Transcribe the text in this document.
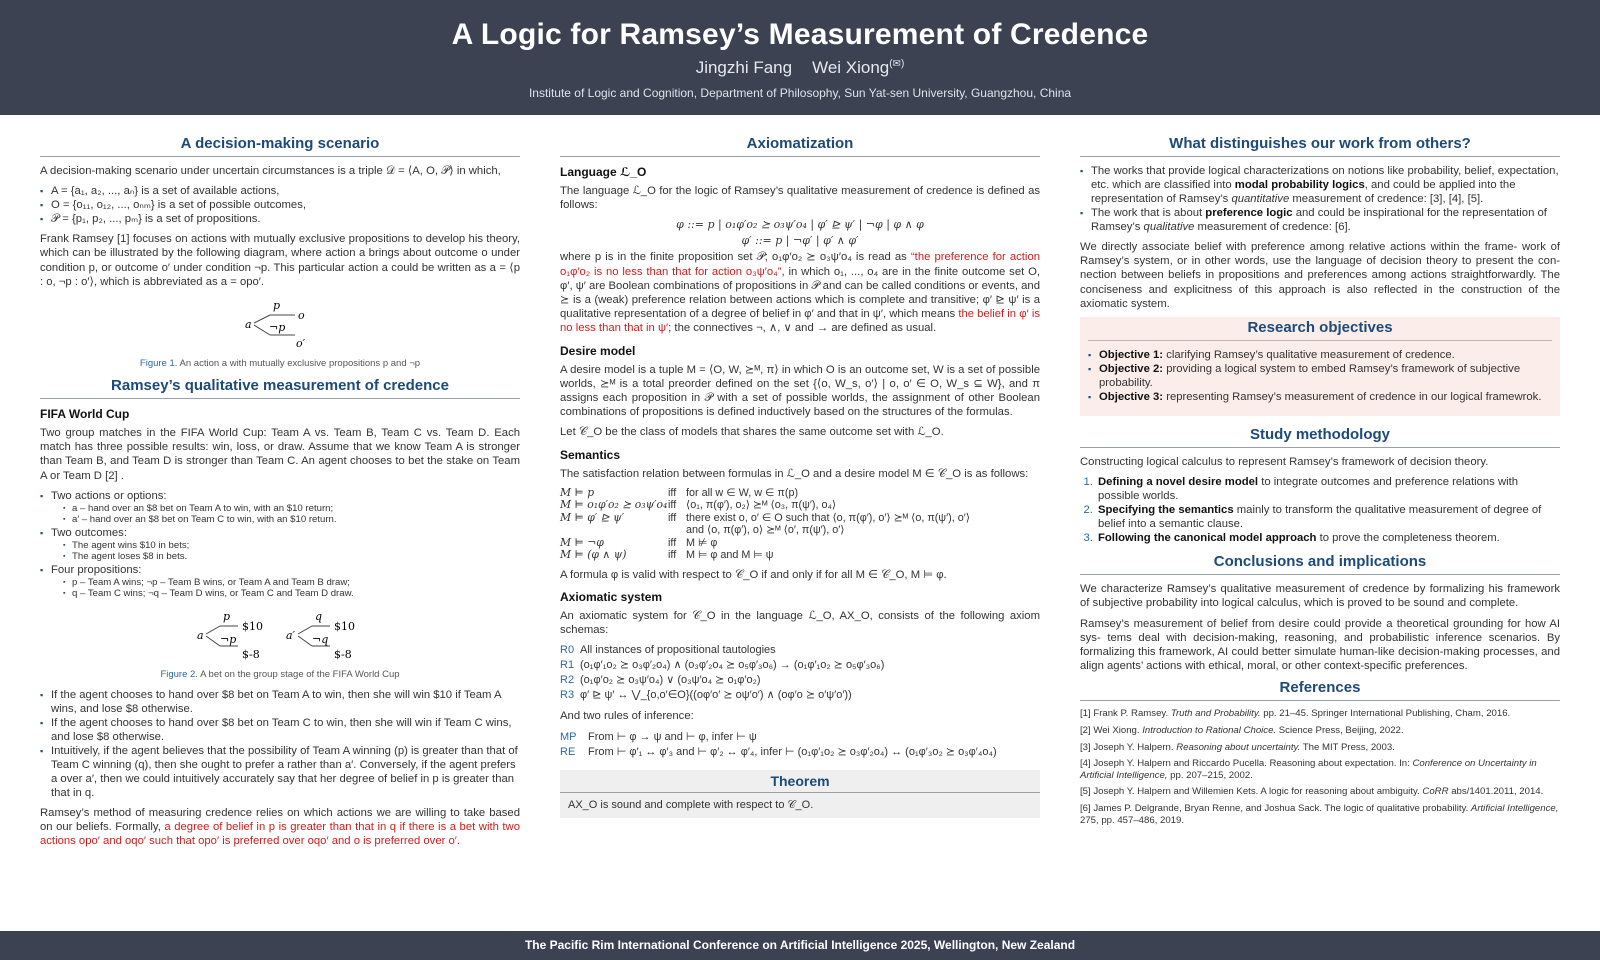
A Logic for Ramsey’s Measurement of Credence
Jingzhi Fang Wei Xiong(✉)
Institute of Logic and Cognition, Department of Philosophy, Sun Yat-sen University, Guangzhou, China
A decision-making scenario

A decision-making scenario under uncertain circumstances is a triple 𝒟 = ⟨A, O, 𝒫⟩ in which,

▪ A = {a₁, a₂, ..., aₙ} is a set of available actions,
▪ O = {o₁₁, o₁₂, ..., oₙₘ} is a set of possible outcomes,
▪ 𝒫 = {p₁, p₂, ..., pₘ} is a set of propositions.

Frank Ramsey [1] focuses on actions with mutually exclusive propositions to develop his theory, which can be illustrated by the following diagram, where action a brings about outcome o under condition p, or outcome o′ under condition ¬p. This particular action a could be written as a = ⟨p : o, ¬p : o′⟩, which is abbreviated as a = opo′.

a
p
¬p
o
o′
Figure 1. An action a with mutually exclusive propositions p and ¬p
Ramsey’s qualitative measurement of credence
FIFA World Cup

Two group matches in the FIFA World Cup: Team A vs. Team B, Team C vs. Team D. Each match has three possible results: win, loss, or draw. Assume that we know Team A is stronger than Team B, and Team D is stronger than Team C. An agent chooses to bet the stake on Team A or Team D [2] .

▪ Two actions or options:
▪ a – hand over an $8 bet on Team A to win, with an $10 return;
▪ a′ – hand over an $8 bet on Team C to win, with an $10 return.
▪ Two outcomes:
▪ The agent wins $10 in bets;
▪ The agent loses $8 in bets.
▪ Four propositions:
▪ p – Team A wins; ¬p – Team B wins, or Team A and Team B draw;
▪ q – Team C wins; ¬q – Team D wins, or Team C and Team D draw.
a
p
¬p
$10
$-8
a′
q
¬q
$10
$-8
Figure 2. A bet on the group stage of the FIFA World Cup
▪ If the agent chooses to hand over $8 bet on Team A to win, then she will win $10 if Team A wins, and lose $8 otherwise.
▪ If the agent chooses to hand over $8 bet on Team C to win, then she will win if Team C wins, and lose $8 otherwise.
▪ Intuitively, if the agent believes that the possibility of Team A winning (p) is greater than that of Team C winning (q), then she ought to prefer a rather than a′. Conversely, if the agent prefers a over a′, then we could intuitively accurately say that her degree of belief in p is greater than that in q.

Ramsey’s method of measuring credence relies on which actions we are willing to take based on our beliefs. Formally, a degree of belief in p is greater than that in q if there is a bet with two actions opo′ and oqo′ such that opo′ is preferred over oqo′ and o is preferred over o′.

Axiomatization
Language ℒ_O

The language ℒ_O for the logic of Ramsey’s qualitative measurement of credence is defined as follows:

φ ::= p | o₁φ′o₂ ⪰ o₃ψ′o₄ | φ′ ⊵ ψ′ | ¬φ | φ ∧ φ
φ′ ::= p | ¬φ′ | φ′ ∧ φ′

where p is in the finite proposition set 𝒫; o₁φ′o₂ ⪰ o₃ψ′o₄ is read as “the preference for action o₁φ′o₂ is no less than that for action o₃ψ′o₄”, in which o₁, ..., o₄ are in the finite outcome set O, φ′, ψ′ are Boolean combinations of propositions in 𝒫 and can be called conditions or events, and ⪰ is a (weak) preference relation between actions which is complete and transitive; φ′ ⊵ ψ′ is a qualitative representation of a degree of belief in φ′ and that in ψ′, which means the belief in φ′ is no less than that in ψ′; the connectives ¬, ∧, ∨ and → are defined as usual.

Desire model

A desire model is a tuple M = ⟨O, W, ⪰ᴹ, π⟩ in which O is an outcome set, W is a set of possible worlds, ⪰ᴹ is a total preorder defined on the set {⟨o, W_s, o′⟩ | o, o′ ∈ O, W_s ⊆ W}, and π assigns each proposition in 𝒫 with a set of possible worlds, the assignment of other Boolean combinations of propositions is defined inductively based on the structures of the formulas.

Let 𝒞_O be the class of models that shares the same outcome set with ℒ_O.

Semantics

The satisfaction relation between formulas in ℒ_O and a desire model M ∈ 𝒞_O is as follows:

M ⊨ p	iff for all w ∈ W, w ∈ π(p)
M ⊨ o₁φ′o₂ ⪰ o₃ψ′o₄ iff ⟨o₁, π(φ′), o₂⟩ ⪰ᴹ ⟨o₃, π(ψ′), o₄⟩
M ⊨ φ′ ⊵ ψ′	iff there exist o, o′ ∈ O such that ⟨o, π(φ′), o′⟩ ⪰ᴹ ⟨o, π(ψ′), o′⟩
and ⟨o, π(φ′), o⟩ ⪰ᴹ ⟨o′, π(ψ′), o′⟩
M ⊨ ¬φ	iff M ⊭ φ
M ⊨ (φ ∧ ψ)	iff M ⊨ φ and M ⊨ ψ

A formula φ is valid with respect to 𝒞_O if and only if for all M ∈ 𝒞_O, M ⊨ φ.

Axiomatic system

An axiomatic system for 𝒞_O in the language ℒ_O, AX_O, consists of the following axiom schemas:

R0 All instances of propositional tautologies
R1 (o₁φ′₁o₂ ⪰ o₃φ′₂o₄) ∧ (o₃φ′₂o₄ ⪰ o₅φ′₃o₆) → (o₁φ′₁o₂ ⪰ o₅φ′₃o₆)
R2 (o₁φ′o₂ ⪰ o₃ψ′o₄) ∨ (o₃ψ′o₄ ⪰ o₁φ′o₂)
R3 φ′ ⊵ ψ′ ↔ ⋁_{o,o′∈O}((oφ′o′ ⪰ oψ′o′) ∧ (oφ′o ⪰ o′ψ′o′))

And two rules of inference:

MP	From ⊢ φ → ψ and ⊢ φ, infer ⊢ ψ
RE	From ⊢ φ′₁ ↔ φ′₃ and ⊢ φ′₂ ↔ φ′₄, infer ⊢ (o₁φ′₁o₂ ⪰ o₃φ′₂o₄) ↔ (o₁φ′₃o₂ ⪰ o₃φ′₄o₄)
Theorem
AX_O is sound and complete with respect to 𝒞_O.
What distinguishes our work from others?
▪ The works that provide logical characterizations on notions like probability, belief, expectation, etc. which are classified into modal probability logics, and could be applied into the representation of Ramsey’s quantitative measurement of credence: [3], [4], [5].
▪ The work that is about preference logic and could be inspirational for the representation of Ramsey’s qualitative measurement of credence: [6].

We directly associate belief with preference among relative actions within the frame- work of Ramsey’s system, or in other words, use the language of decision theory to present the con- nection between beliefs in propositions and preferences among actions straightforwardly. The conciseness and explicitness of this approach is also reflected in the construction of the axiomatic system.

Research objectives
▪ Objective 1: clarifying Ramsey’s qualitative measurement of credence.
▪ Objective 2: providing a logical system to embed Ramsey’s framework of subjective probability.
▪ Objective 3: representing Ramsey’s measurement of credence in our logical framewrok.
Study methodology

Constructing logical calculus to represent Ramsey’s framework of decision theory.

1. Defining a novel desire model to integrate outcomes and preference relations with possible worlds.
2. Specifying the semantics mainly to transform the qualitative measurement of degree of belief into a semantic clause.
3. Following the canonical model approach to prove the completeness theorem.
Conclusions and implications

We characterize Ramsey’s qualitative measurement of credence by formalizing his framework of subjective probability into logical calculus, which is proved to be sound and complete.

Ramsey’s measurement of belief from desire could provide a theoretical grounding for how AI sys- tems deal with decision-making, reasoning, and probabilistic inference scenarios. By formalizing this framework, AI could better simulate human-like decision-making processes, and align agents’ actions with ethical, moral, or other context-specific preferences.

References
[1] Frank P. Ramsey. Truth and Probability. pp. 21–45. Springer International Publishing, Cham, 2016.
[2] Wei Xiong. Introduction to Rational Choice. Science Press, Beijing, 2022.
[3] Joseph Y. Halpern. Reasoning about uncertainty. The MIT Press, 2003.
[4] Joseph Y. Halpern and Riccardo Pucella. Reasoning about expectation. In: Conference on Uncertainty in Artificial Intelligence, pp. 207–215, 2002.
[5] Joseph Y. Halpern and Willemien Kets. A logic for reasoning about ambiguity. CoRR abs/1401.2011, 2014.
[6] James P. Delgrande, Bryan Renne, and Joshua Sack. The logic of qualitative probability. Artificial Intelligence, 275, pp. 457–486, 2019.
The Pacific Rim International Conference on Artificial Intelligence 2025, Wellington, New Zealand
